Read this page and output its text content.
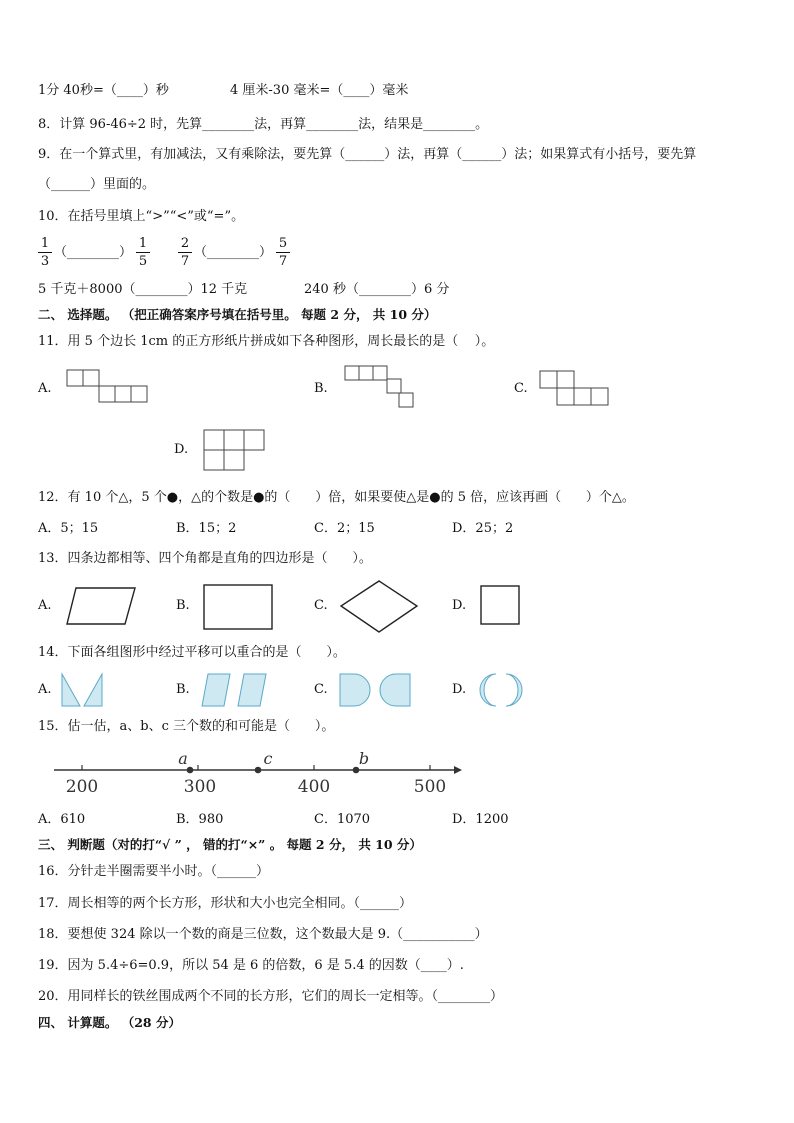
1分 40秒=（____）秒	4 厘米-30 毫米=（____）毫米
8．计算 96-46÷2 时，先算________法，再算________法，结果是________。
9．在一个算式里，有加减法，又有乘除法，要先算（______）法，再算（______）法；如果算式有小括号，要先算
（______）里面的。
10．在括号里填上“>”“<”或“=”。
1
3
（________）
1
5
2
7
（________）
5
7
5 千克＋8000（________）12 千克	240 秒（________）6 分
二、 选择题。 （把正确答案序号填在括号里。 每题 2 分， 共 10 分）
11．用 5 个边长 1cm 的正方形纸片拼成如下各种图形，周长最长的是（    ）。
A.	B.	C.
D.
12．有 10 个△，5 个●，△的个数是●的（      ）倍，如果要使△是●的 5 倍，应该再画（      ）个△。
A．5；15	B．15；2	C．2；15	D．25；2
13．四条边都相等、四个角都是直角的四边形是（      ）。
A.	B.	C.	D.
14．下面各组图形中经过平移可以重合的是（      ）。
A.	B.	C.	D.
15．估一估，a、b、c 三个数的和可能是（      ）。
200	300	400	500
a	c	b
A．610	B．980	C．1070	D．1200
三、 判断题（对的打“√ ” ， 错的打“×” 。 每题 2 分， 共 10 分）
16．分针走半圈需要半小时。（______）
17．周长相等的两个长方形，形状和大小也完全相同。（______）
18．要想使 324 除以一个数的商是三位数，这个数最大是 9.（___________）
19．因为 5.4÷6=0.9，所以 54 是 6 的倍数，6 是 5.4 的因数（____）.
20．用同样长的铁丝围成两个不同的长方形，它们的周长一定相等。（________）
四、 计算题。 （28 分）
